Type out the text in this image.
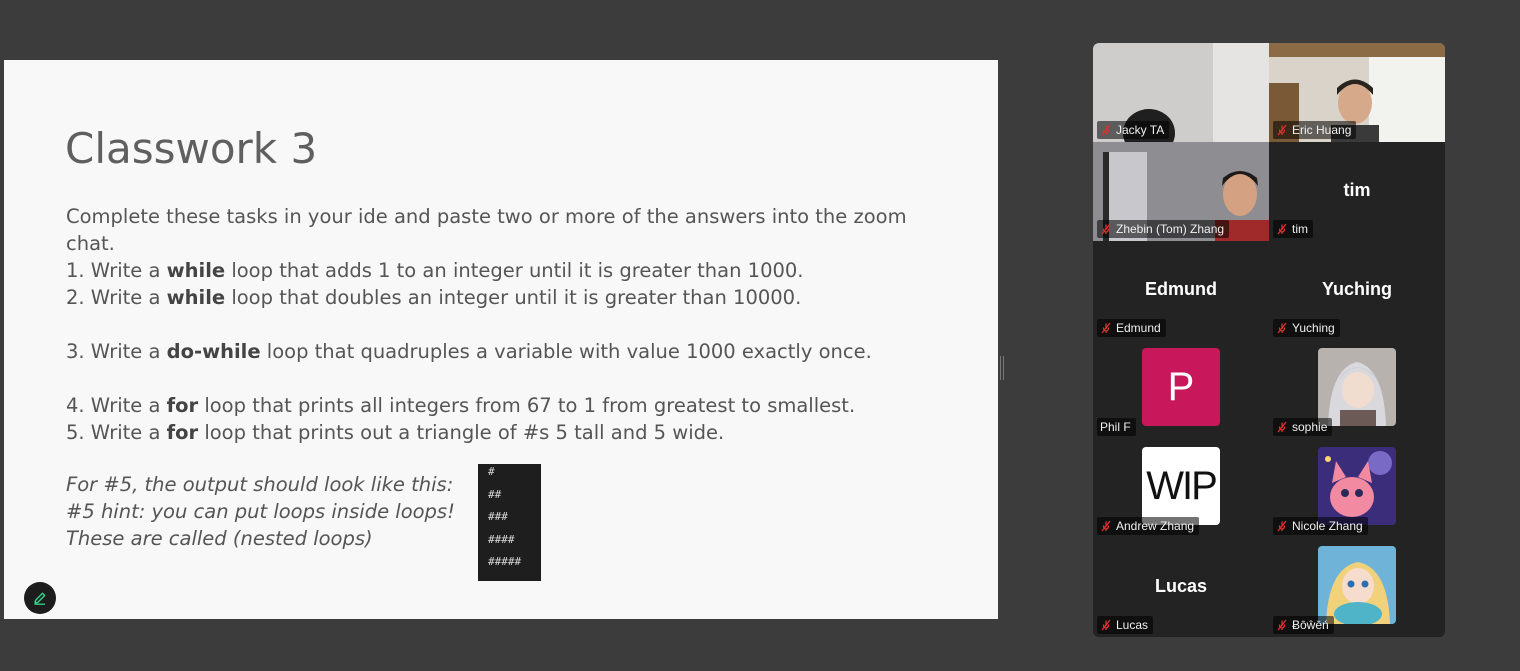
Classwork 3
Complete these tasks in your ide and paste two or more of the answers into the zoom
chat.
1. Write a while loop that adds 1 to an integer until it is greater than 1000.
2. Write a while loop that doubles an integer until it is greater than 10000.
3. Write a do-while loop that quadruples a variable with value 1000 exactly once.
4. Write a for loop that prints all integers from 67 to 1 from greatest to smallest.
5. Write a for loop that prints out a triangle of #s 5 tall and 5 wide.
For #5, the output should look like this:
#5 hint: you can put loops inside loops!
These are called (nested loops)
#
##
###
####
#####
Jacky TA	Eric Huang
Zhebin (Tom) Zhang
tim
tim
Edmund
Edmund
Yuching
Yuching
P
Phil F	sophie
WIP
Andrew Zhang	Nicole Zhang
Lucas
Lucas	Ƀōŵēń
